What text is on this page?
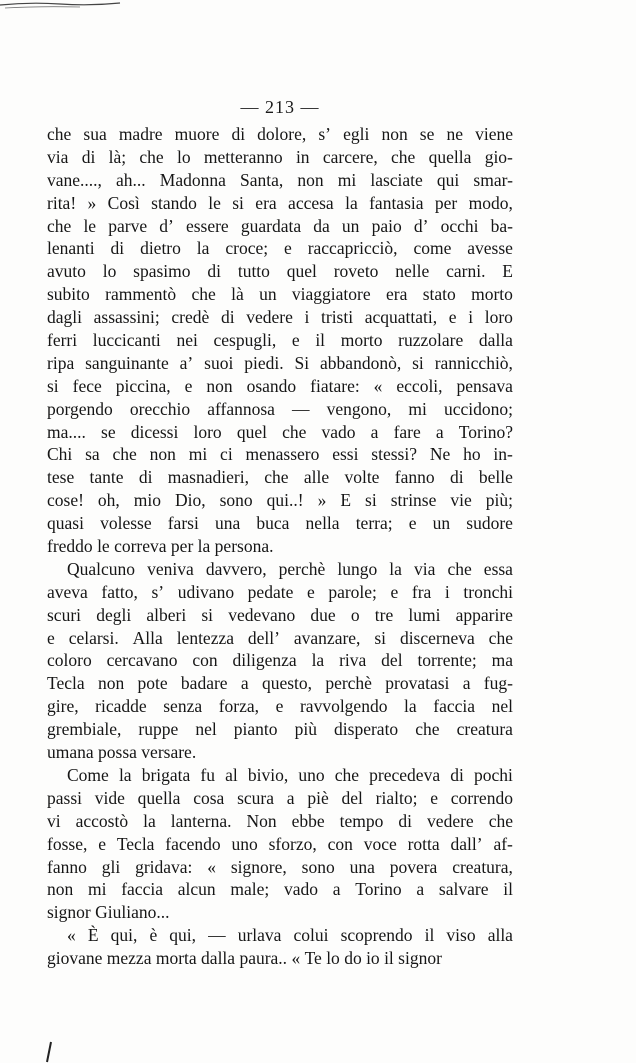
— 213 —
che sua madre muore di dolore, s’ egli non se ne viene
via di là; che lo metteranno in carcere, che quella gio-
vane...., ah... Madonna Santa, non mi lasciate qui smar-
rita! » Così stando le si era accesa la fantasia per modo,
che le parve d’ essere guardata da un paio d’ occhi ba-
lenanti di dietro la croce; e raccapricciò, come avesse
avuto lo spasimo di tutto quel roveto nelle carni. E
subito rammentò che là un viaggiatore era stato morto
dagli assassini; credè di vedere i tristi acquattati, e i loro
ferri luccicanti nei cespugli, e il morto ruzzolare dalla
ripa sanguinante a’ suoi piedi. Si abbandonò, si rannicchiò,
si fece piccina, e non osando fiatare: « eccoli, pensava
porgendo orecchio affannosa — vengono, mi uccidono;
ma.... se dicessi loro quel che vado a fare a Torino?
Chi sa che non mi ci menassero essi stessi? Ne ho in-
tese tante di masnadieri, che alle volte fanno di belle
cose! oh, mio Dio, sono qui..! » E si strinse vie più;
quasi volesse farsi una buca nella terra; e un sudore
freddo le correva per la persona.
Qualcuno veniva davvero, perchè lungo la via che essa
aveva fatto, s’ udivano pedate e parole; e fra i tronchi
scuri degli alberi si vedevano due o tre lumi apparire
e celarsi. Alla lentezza dell’ avanzare, si discerneva che
coloro cercavano con diligenza la riva del torrente; ma
Tecla non pote badare a questo, perchè provatasi a fug-
gire, ricadde senza forza, e ravvolgendo la faccia nel
grembiale, ruppe nel pianto più disperato che creatura
umana possa versare.
Come la brigata fu al bivio, uno che precedeva di pochi
passi vide quella cosa scura a piè del rialto; e correndo
vi accostò la lanterna. Non ebbe tempo di vedere che
fosse, e Tecla facendo uno sforzo, con voce rotta dall’ af-
fanno gli gridava: « signore, sono una povera creatura,
non mi faccia alcun male; vado a Torino a salvare il
signor Giuliano...
« È qui, è qui, — urlava colui scoprendo il viso alla
giovane mezza morta dalla paura.. « Te lo do io il signor
